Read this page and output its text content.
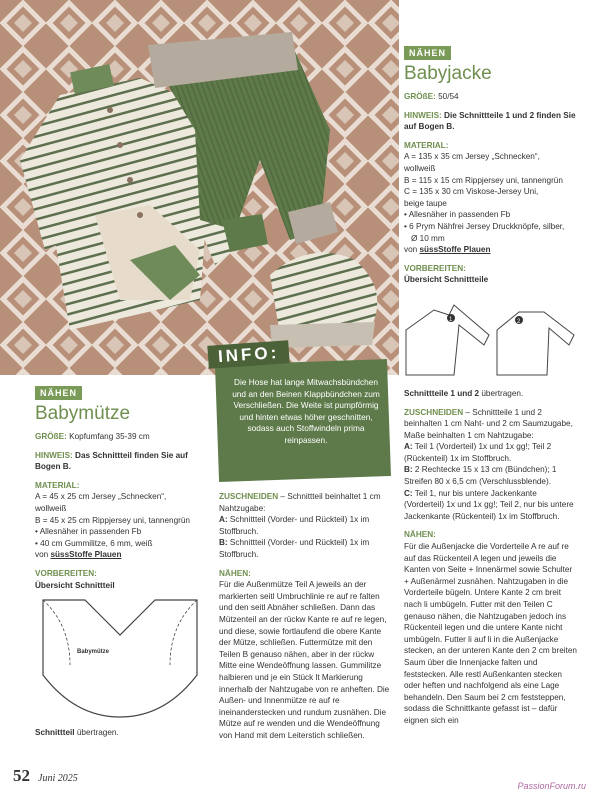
INFO:
Die Hose hat lange Mitwachsbündchen und an den Beinen Klappbündchen zum Verschließen. Die Weite ist pumpförmig und hinten etwas höher geschnitten, sodass auch Stoffwindeln prima reinpassen.
NÄHEN
Babymütze

GRÖßE: Kopfumfang 35-39 cm

HINWEIS: Das Schnittteil finden Sie auf
Bogen B.

MATERIAL:

A = 45 x 25 cm Jersey „Schnecken“,

wollweiß

B = 45 x 25 cm Rippjersey uni, tannengrün

• Allesnäher in passenden Fb

• 40 cm Gummilitze, 6 mm, weiß

von süssStoffe Plauen

VORBEREITEN:

Übersicht Schnittteil

Babymütze

Schnittteil übertragen.

ZUSCHNEIDEN – Schnittteil beinhaltet 1 cm Nahtzugabe:

A: Schnittteil (Vorder- und Rückteil) 1x im Stoffbruch.

B: Schnittteil (Vorder- und Rückteil) 1x im Stoffbruch.

NÄHEN:

Für die Außenmütze Teil A jeweils an der markierten seitl Umbruchlinie re auf re falten und den seitl Abnäher schließen. Dann das Mützenteil an der rückw Kante re auf re legen, und diese, sowie fortlaufend die obere Kante der Mütze, schließen. Futtermütze mit den Teilen B genauso nähen, aber in der rückw Mitte eine Wendeöffnung lassen. Gummilitze halbieren und je ein Stück lt Markierung innerhalb der Nahtzugabe von re anheften. Die Außen- und Innenmütze re auf re ineinanderstecken und rundum zusnähen. Die Mütze auf re wenden und die Wendeöffnung von Hand mit dem Leiterstich schließen.

NÄHEN
Babyjacke

GRÖßE: 50/54

HINWEIS: Die Schnittteile 1 und 2 finden Sie auf Bogen B.

MATERIAL:

A = 135 x 35 cm Jersey „Schnecken“,

wollweiß

B = 115 x 15 cm Rippjersey uni, tannengrün

C = 135 x 30 cm Viskose-Jersey Uni,

beige taupe

• Allesnäher in passenden Fb

• 6 Prym Nähfrei Jersey Druckknöpfe, silber,

Ø 10 mm

von süssStoffe Plauen

VORBEREITEN:

Übersicht Schnittteile

1	2

Schnittteile 1 und 2 übertragen.

ZUSCHNEIDEN – Schnittteile 1 und 2 beinhalten 1 cm Naht- und 2 cm Saumzugabe, Maße beinhalten 1 cm Nahtzugabe:

A: Teil 1 (Vorderteil) 1x und 1x gg!; Teil 2 (Rückenteil) 1x im Stoffbruch.

B: 2 Rechtecke 15 x 13 cm (Bündchen); 1 Streifen 80 x 6,5 cm (Verschlussblende).

C: Teil 1, nur bis untere Jackenkante (Vorderteil) 1x und 1x gg!; Teil 2, nur bis untere Jackenkante (Rückenteil) 1x im Stoffbruch.

NÄHEN:

Für die Außenjacke die Vorderteile A re auf re auf das Rückenteil A legen und jeweils die Kanten von Seite + Innenärmel sowie Schulter + Außenärmel zusnähen. Nahtzugaben in die Vorderteile bügeln. Untere Kante 2 cm breit nach li umbügeln. Futter mit den Teilen C genauso nähen, die Nahtzugaben jedoch ins Rückenteil legen und die untere Kante nicht umbügeln. Futter li auf li in die Außenjacke stecken, an der unteren Kante den 2 cm breiten Saum über die Innenjacke falten und feststecken. Alle restl Außenkanten stecken oder heften und nachfolgend als eine Lage behandeln. Den Saum bei 2 cm feststeppen, sodass die Schnittkante gefasst ist – dafür eignen sich ein

52 Juni 2025
PassionForum.ru
